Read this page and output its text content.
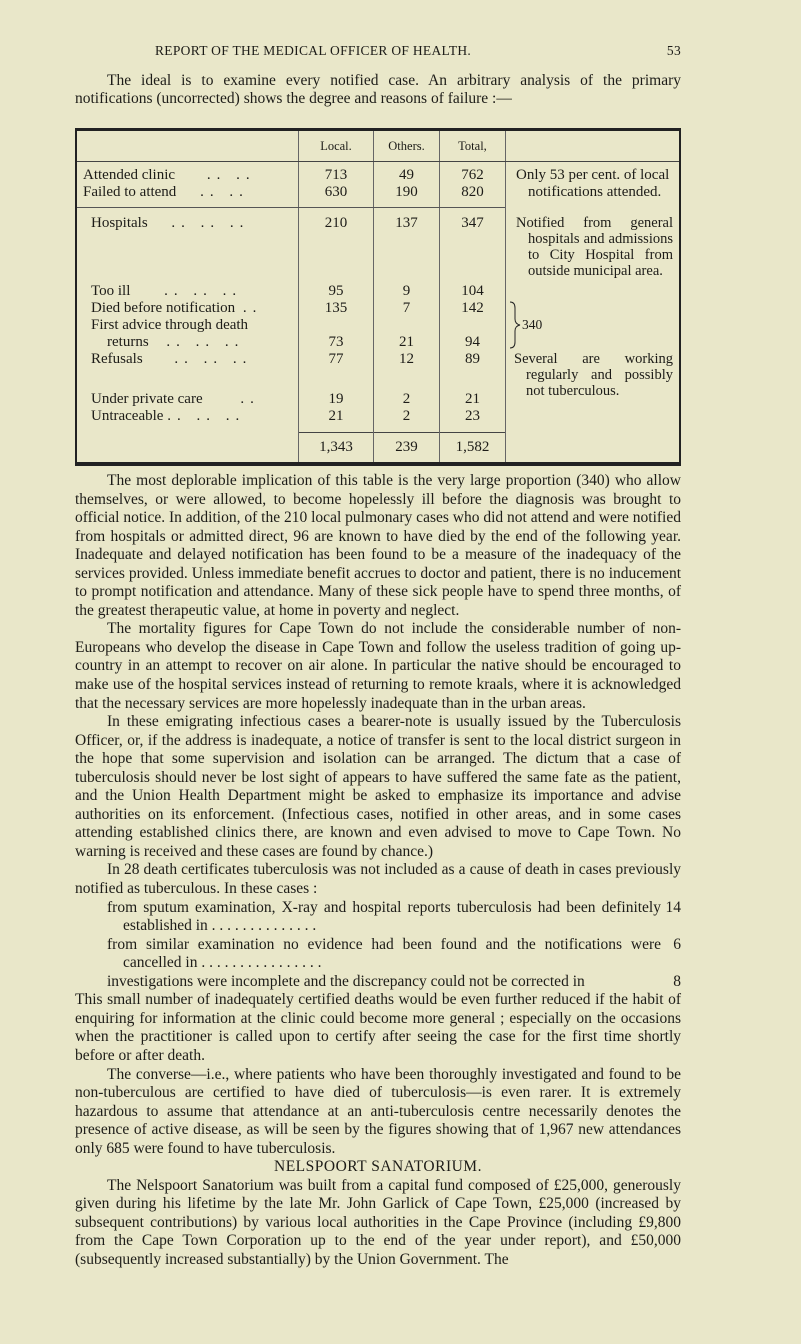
REPORT OF THE MEDICAL OFFICER OF HEALTH.	53

The ideal is to examine every notified case. An arbitrary analysis of the primary notifications (uncorrected) shows the degree and reasons of failure :—

	Local.	Others.	Total,	

Attended clinic .. ..	713	49	762	Only 53 per cent. of local notifications attended.
Failed to attend .. ..	630	190	820	

Hospitals .. .. ..	210	137	347	Notified from general hospitals and admissions to City Hospital from outside municipal area.
Too ill .. .. ..	95	9	104	
Died before notification ..	135	7	142	340

First advice through death				
returns .. .. ..	73	21	94	
Refusals .. .. ..	77	12	89	Several are working regularly and possibly not tuberculous.
Under private care ..	19	2	21	
Untraceable .. .. ..	21	2	23	
	1,343	239	1,582	

The most deplorable implication of this table is the very large proportion (340) who allow themselves, or were allowed, to become hopelessly ill before the diagnosis was brought to official notice. In addition, of the 210 local pulmonary cases who did not attend and were notified from hospitals or admitted direct, 96 are known to have died by the end of the following year. Inadequate and delayed notification has been found to be a measure of the inadequacy of the services provided. Unless immediate benefit accrues to doctor and patient, there is no inducement to prompt notification and attendance. Many of these sick people have to spend three months, of the greatest therapeutic value, at home in poverty and neglect.

The mortality figures for Cape Town do not include the considerable number of non-Europeans who develop the disease in Cape Town and follow the useless tradition of going up-country in an attempt to recover on air alone. In particular the native should be encouraged to make use of the hospital services instead of returning to remote kraals, where it is acknowledged that the necessary services are more hopelessly inadequate than in the urban areas.

In these emigrating infectious cases a bearer-note is usually issued by the Tuberculosis Officer, or, if the address is inadequate, a notice of transfer is sent to the local district surgeon in the hope that some supervision and isolation can be arranged. The dictum that a case of tuberculosis should never be lost sight of appears to have suffered the same fate as the patient, and the Union Health Department might be asked to emphasize its importance and advise authorities on its enforcement. (Infectious cases, notified in other areas, and in some cases attending established clinics there, are known and even advised to move to Cape Town. No warning is received and these cases are found by chance.)

In 28 death certificates tuberculosis was not included as a cause of death in cases previously notified as tuberculous. In these cases :

from sputum examination, X-ray and hospital reports tuberculosis had been definitely established in . . . . . . . . . . . . . .
14
from similar examination no evidence had been found and the notifications were cancelled in . . . . . . . . . . . . . . . .
6
investigations were incomplete and the discrepancy could not be corrected in	8

This small number of inadequately certified deaths would be even further reduced if the habit of enquiring for information at the clinic could become more general ; especially on the occasions when the practitioner is called upon to certify after seeing the case for the first time shortly before or after death.

The converse—i.e., where patients who have been thoroughly investigated and found to be non-tuberculous are certified to have died of tuberculosis—is even rarer. It is extremely hazardous to assume that attendance at an anti-tuberculosis centre necessarily denotes the presence of active disease, as will be seen by the figures showing that of 1,967 new attendances only 685 were found to have tuberculosis.

NELSPOORT SANATORIUM.

The Nelspoort Sanatorium was built from a capital fund composed of £25,000, generously given during his lifetime by the late Mr. John Garlick of Cape Town, £25,000 (increased by subsequent contributions) by various local authorities in the Cape Province (including £9,800 from the Cape Town Corporation up to the end of the year under report), and £50,000 (subsequently increased substantially) by the Union Government. The
